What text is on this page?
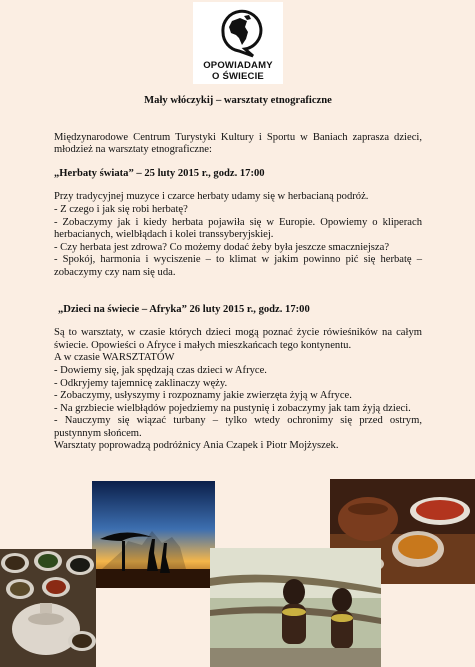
OPOWIADAMY
O ŚWIECIE

Mały włóczykij – warsztaty etnograficzne

Międzynarodowe Centrum Turystyki Kultury i Sportu w Baniach zaprasza dzieci, młodzież na warsztaty etnograficzne:

„Herbaty świata” – 25 luty 2015 r., godz. 17:00

Przy tradycyjnej muzyce i czarce herbaty udamy się w herbacianą podróż.

- Z czego i jak się robi herbatę?

- Zobaczymy jak i kiedy herbata pojawiła się w Europie. Opowiemy o kliperach herbacianych, wielbłądach i kolei transsyberyjskiej.

- Czy herbata jest zdrowa? Co możemy dodać żeby była jeszcze smaczniejsza?

- Spokój, harmonia i wyciszenie – to klimat w jakim powinno pić się herbatę – zobaczymy czy nam się uda.

„Dzieci na świecie – Afryka” 26 luty 2015 r., godz. 17:00

Są to warsztaty, w czasie których dzieci mogą poznać życie rówieśników na całym świecie. Opowieści o Afryce i małych mieszkańcach tego kontynentu.

A w czasie WARSZTATÓW

- Dowiemy się, jak spędzają czas dzieci w Afryce.

- Odkryjemy tajemnicę zaklinaczy węży.

- Zobaczymy, usłyszymy i rozpoznamy jakie zwierzęta żyją w Afryce.

- Na grzbiecie wielbłądów pojedziemy na pustynię i zobaczymy jak tam żyją dzieci.

- Nauczymy się wiązać turbany – tylko wtedy ochronimy się przed ostrym, pustynnym słońcem.

Warsztaty poprowadzą podróżnicy Ania Czapek i Piotr Mojżyszek.
